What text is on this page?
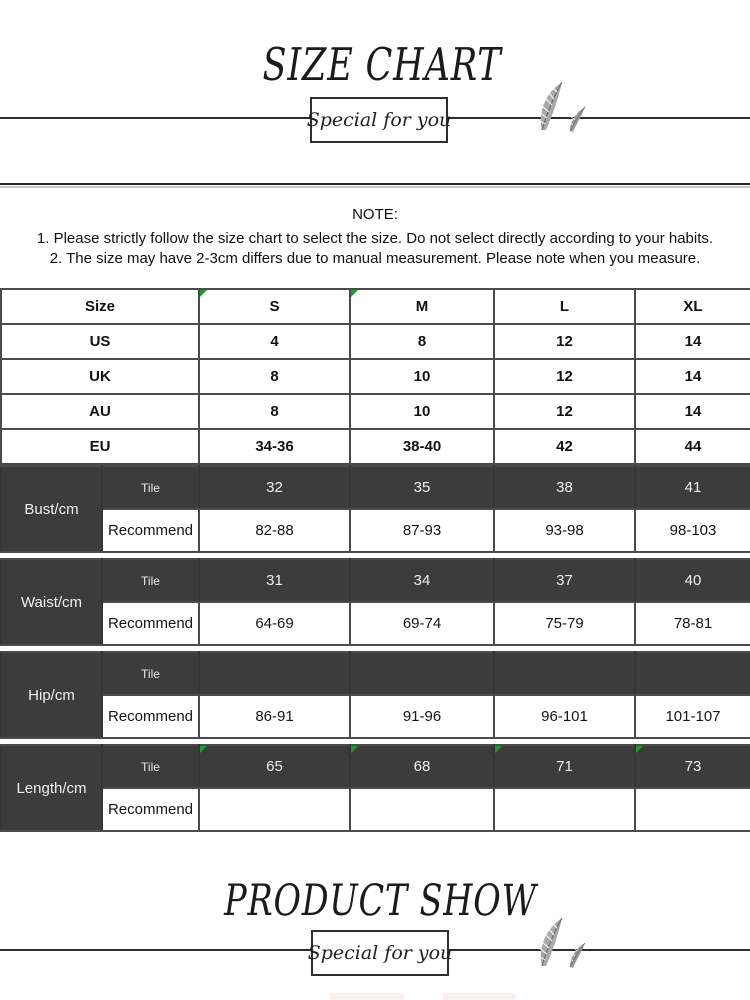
SIZE CHART
Special for you
NOTE:
1. Please strictly follow the size chart to select the size. Do not select directly according to your habits.
2. The size may have 2-3cm differs due to manual measurement. Please note when you measure.
Size	S	M	L	XL
US	4	8	12	14
UK	8	10	12	14
AU	8	10	12	14
EU	34-36	38-40	42	44
Bust/cm	Tile	32	35	38	41
	Recommend	82-88	87-93	93-98	98-103
Waist/cm	Tile	31	34	37	40
	Recommend	64-69	69-74	75-79	78-81
Hip/cm	Tile				
	Recommend	86-91	91-96	96-101	101-107
Length/cm	Tile	65	68	71	73
	Recommend				
PRODUCT SHOW
Special for you
